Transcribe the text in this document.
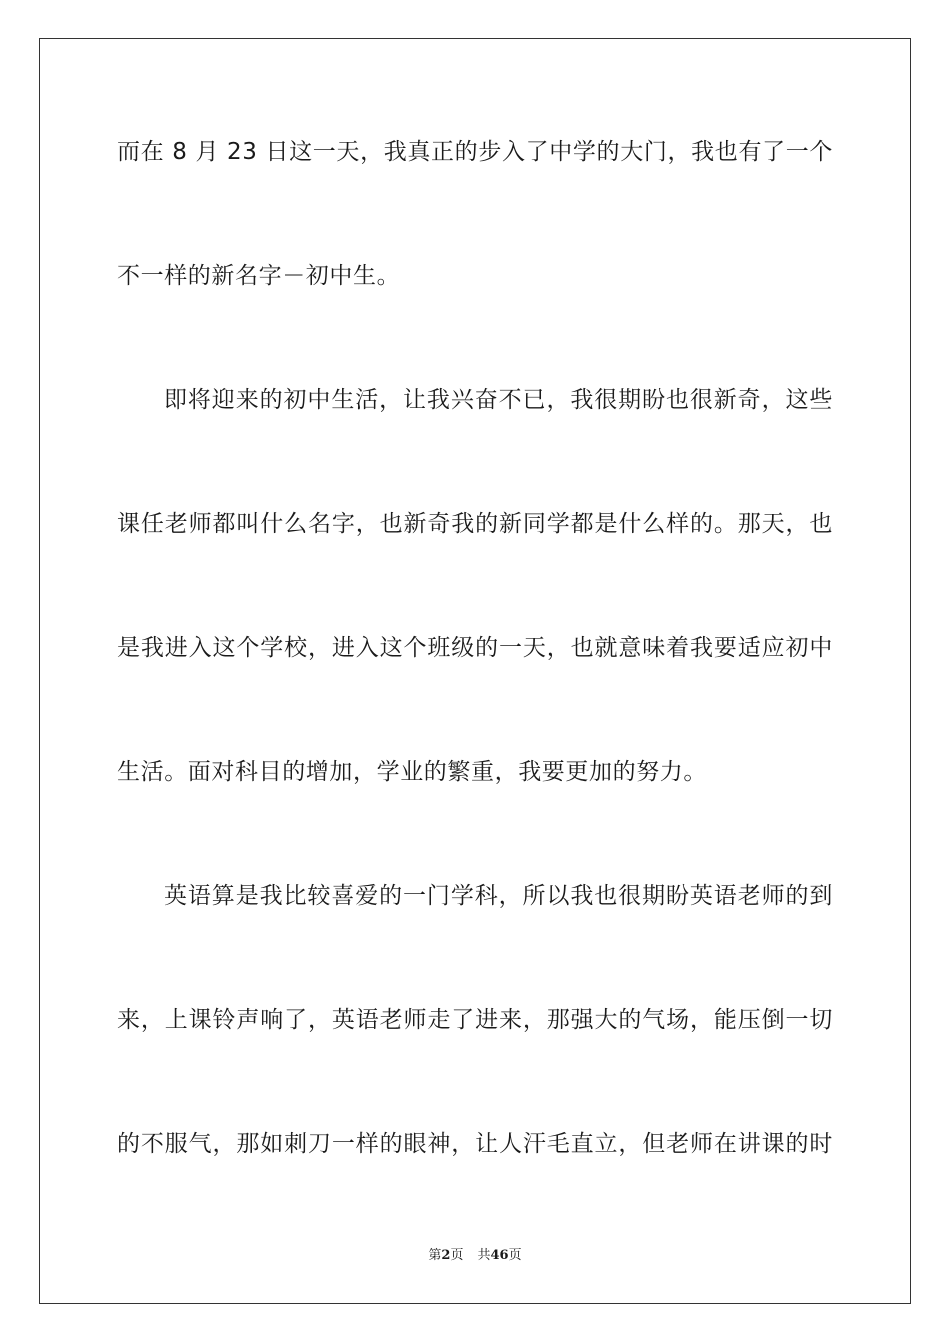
而在 8 月 23 日这一天，我真正的步入了中学的大门，我也有了一个
不一样的新名字－初中生。
即将迎来的初中生活，让我兴奋不已，我很期盼也很新奇，这些
课任老师都叫什么名字，也新奇我的新同学都是什么样的。那天，也
是我进入这个学校，进入这个班级的一天，也就意味着我要适应初中
生活。面对科目的增加，学业的繁重，我要更加的努力。
英语算是我比较喜爱的一门学科，所以我也很期盼英语老师的到
来，上课铃声响了，英语老师走了进来，那强大的气场，能压倒一切
的不服气，那如刺刀一样的眼神，让人汗毛直立，但老师在讲课的时
第2页 共46页
